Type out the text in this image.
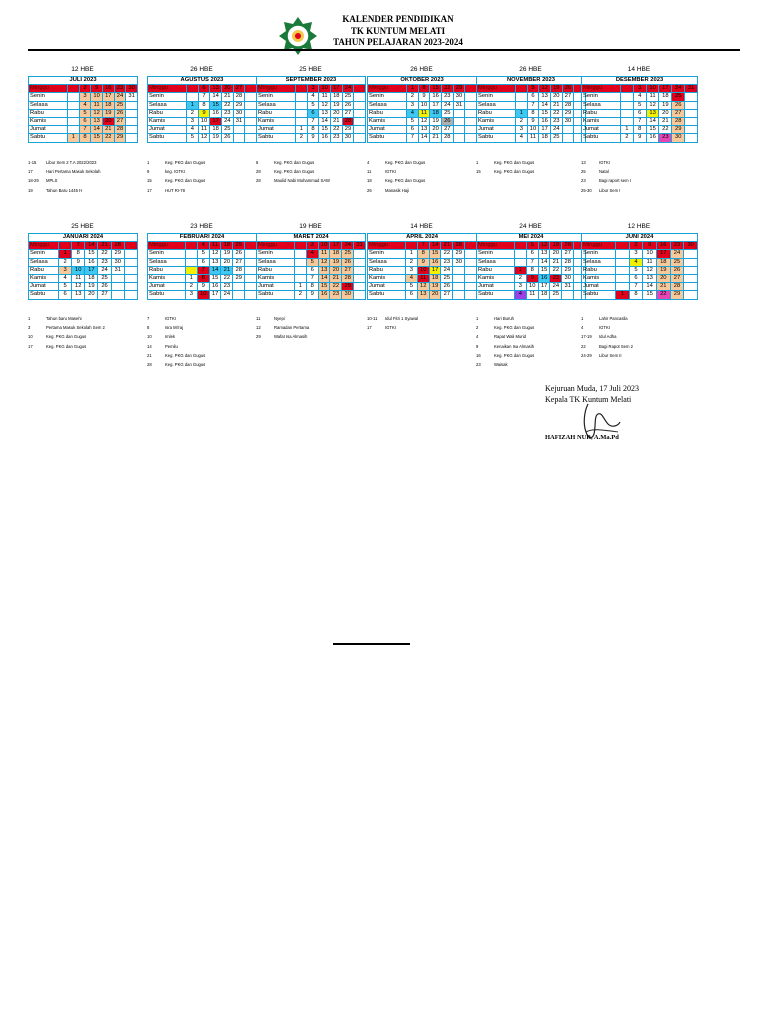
KALENDER PENDIDIKAN
TK KUNTUM MELATI
TAHUN PELAJARAN 2023-2024
12 HBE
JULI 2023						
Minggu		2	9	16	23	30
Senin		3	10	17	24	31
Selasa		4	11	18	25	
Rabu		5	12	19	26	
Kamis		6	13	20	27	
Jumat		7	14	21	28	
Sabtu	1	8	15	22	29	
1-15	Libur Sem 2 T.A 2022/2023
17	Hari Pertama Masuk Sekolah
18-29	MPLS
19	Tahun Baru 1445 H
26 HBE
AGUSTUS 2023						
Minggu		6	13	20	27	
Senin		7	14	21	28	
Selasa	1	8	15	22	29	
Rabu	2	9	16	23	30	
Kamis	3	10	17	24	31	
Jumat	4	11	18	25		
Sabtu	5	12	19	26		
1	Keg. PKG dan Gugus
9	keg. IGTKI
15	Keg. PKG dan Gugus
17	HUT RI-78
25 HBE
SEPTEMBER 2023						
Minggu		3	10	17	24	
Senin		4	11	18	25	
Selasa		5	12	19	26	
Rabu		6	13	20	27	
Kamis		7	14	21	28	
Jumat	1	8	15	22	29	
Sabtu	2	9	16	23	30	
6	Keg. PKG dan Gugus
28	Keg. PKG dan Gugus
28	Maulid Nabi Muhammad SAW
26 HBE
OKTOBER 2023						
Minggu	1	8	15	22	29	
Senin	2	9	16	23	30	
Selasa	3	10	17	24	31	
Rabu	4	11	18	25		
Kamis	5	12	19	26		
Jumat	6	13	20	27		
Sabtu	7	14	21	28		
4	Keg. PKG dan Gugus
11	IGTKI
18	Keg. PKG dan Gugus
26	Manasik Haji
26 HBE
NOVEMBER 2023						
Minggu		5	12	19	26	
Senin		6	13	20	27	
Selasa		7	14	21	28	
Rabu	1	8	15	22	29	
Kamis	2	9	16	23	30	
Jumat	3	10	17	24		
Sabtu	4	11	18	25		
1	Keg. PKG dan Gugus
15	Keg. PKG dan Gugus
14 HBE
DESEMBER 2023						
Minggu		3	10	17	24	31
Senin		4	11	18	25	
Selasa		5	12	19	26	
Rabu		6	13	20	27	
Kamis		7	14	21	28	
Jumat	1	8	15	22	29	
Sabtu	2	9	16	23	30	
13	IGTKI
25	Natal
23	Bagi raport sem I
25-30	Libur Sem I
25 HBE
JANUARI 2024						
Minggu		7	14	21	28	
Senin	1	8	15	22	29	
Selasa	2	9	16	23	30	
Rabu	3	10	17	24	31	
Kamis	4	11	18	25		
Jumat	5	12	19	26		
Sabtu	6	13	20	27		
1	Tahun baru Masehi
3	Pertama Masuk Sekolah Sem 2
10	Keg. PKG dan Gugus
17	Keg. PKG dan Gugus
23 HBE
FEBRUARI 2024						
Minggu		4	11	18	25	
Senin		5	12	19	26	
Selasa		6	13	20	27	
Rabu		7	14	21	28	
Kamis	1	8	15	22	29	
Jumat	2	9	16	23		
Sabtu	3	10	17	24		
7	IGTKI
8	Isra Mi'raj
10	Imlek
14	Pemilu
21	Keg. PKG dan Gugus
28	Keg. PKG dan Gugus
19 HBE
MARET 2024						
Minggu		3	10	17	24	31
Senin		4	11	18	25	
Selasa		5	12	19	26	
Rabu		6	13	20	27	
Kamis		7	14	21	28	
Jumat	1	8	15	22	29	
Sabtu	2	9	16	23	30	
11	Nyepi
12	Ramadan Pertama
29	Wafat Isa Almasih
14 HBE
APRIL 2024						
Minggu		7	14	21	28	
Senin	1	8	15	22	29	
Selasa	2	9	16	23	30	
Rabu	3	10	17	24		
Kamis	4	11	18	25		
Jumat	5	12	19	26		
Sabtu	6	13	20	27		
10-11	Idul Fitri 1 Syawal
17	IGTKI
24 HBE
MEI 2024						
Minggu		5	12	19	26	
Senin		6	13	20	27	
Selasa		7	14	21	28	
Rabu	1	8	15	22	29	
Kamis	2	9	16	23	30	
Jumat	3	10	17	24	31	
Sabtu	4	11	18	25		
1	Hari Buruh
2	Keg. PKG dan Gugus
4	Rapat Wali Murid
9	Kenaikan Isa Almasih
16	Keg. PKG dan Gugus
23	Waisak
12 HBE
JUNI 2024						
Minggu		2	9	16	23	30
Senin		3	10	17	24	
Selasa		4	11	18	25	
Rabu		5	12	19	26	
Kamis		6	13	20	27	
Jumat		7	14	21	28	
Sabtu	1	8	15	22	29	
1	Lahir Pancasila
4	IGTKI
17-19	Idul Adha
22	Bagi Rapot Sem 2
24-29	Libur Sem II
Kejuruan Muda, 17 Juli 2023
Kepala TK Kuntum Melati
HAFIZAH NUR, A.Ma.Pd
